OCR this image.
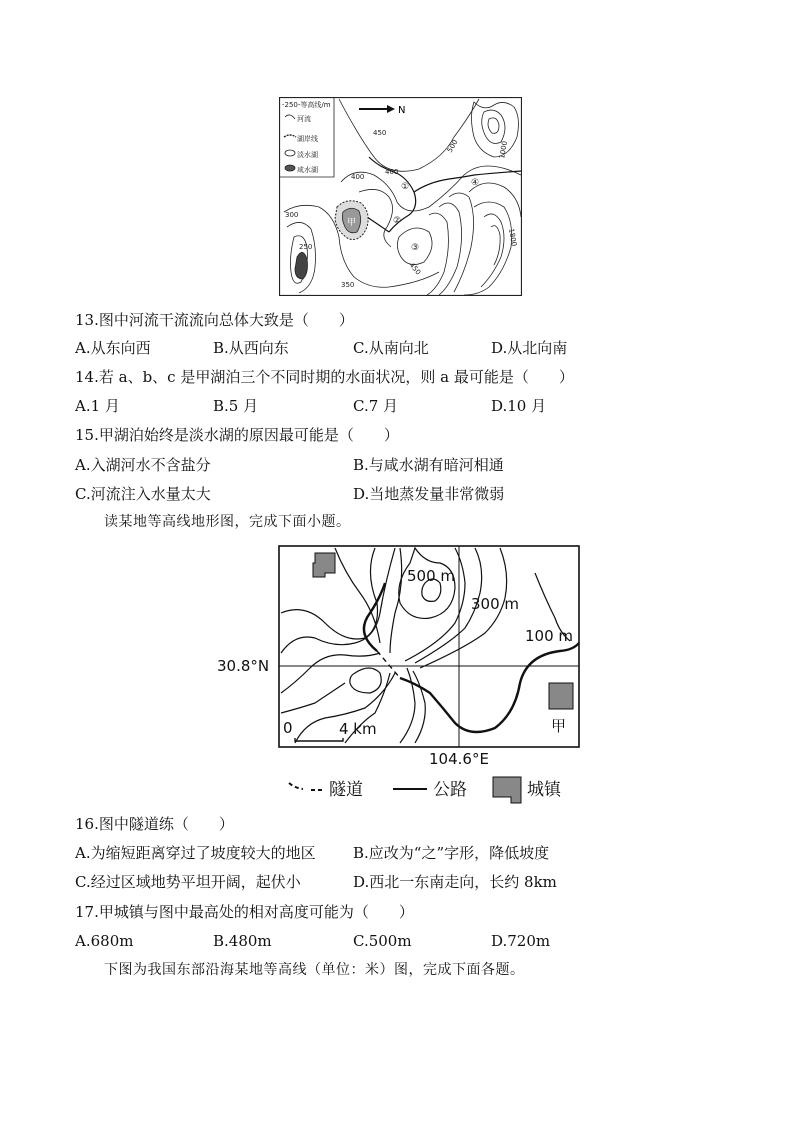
-250-等高线/m
河流
湖岸线
淡水湖
咸水湖
N
甲
450
500	1000
400
400
300
250
350
450
1800
①
②
③
④
13.图中河流干流流向总体大致是（　　）
A.从东向西	B.从西向东	C.从南向北	D.从北向南
14.若 a、b、c 是甲湖泊三个不同时期的水面状况，则 a 最可能是（　　）
A.1 月	B.5 月	C.7 月	D.10 月
15.甲湖泊始终是淡水湖的原因最可能是（　　）
A.入湖河水不含盐分	B.与咸水湖有暗河相通
C.河流注入水量太大	D.当地蒸发量非常微弱
读某地等高线地形图，完成下面小题。
500 m
300 m
100 m
30.8°N
104.6°E
甲
0	4 km
隧道	公路	城镇
16.图中隧道练（　　）
A.为缩短距离穿过了坡度较大的地区 B.应改为“之”字形，降低坡度
C.经过区域地势平坦开阔，起伏小	D.西北一东南走向，长约 8km
17.甲城镇与图中最高处的相对高度可能为（　　）
A.680m	B.480m	C.500m	D.720m
下图为我国东部沿海某地等高线（单位：米）图，完成下面各题。
